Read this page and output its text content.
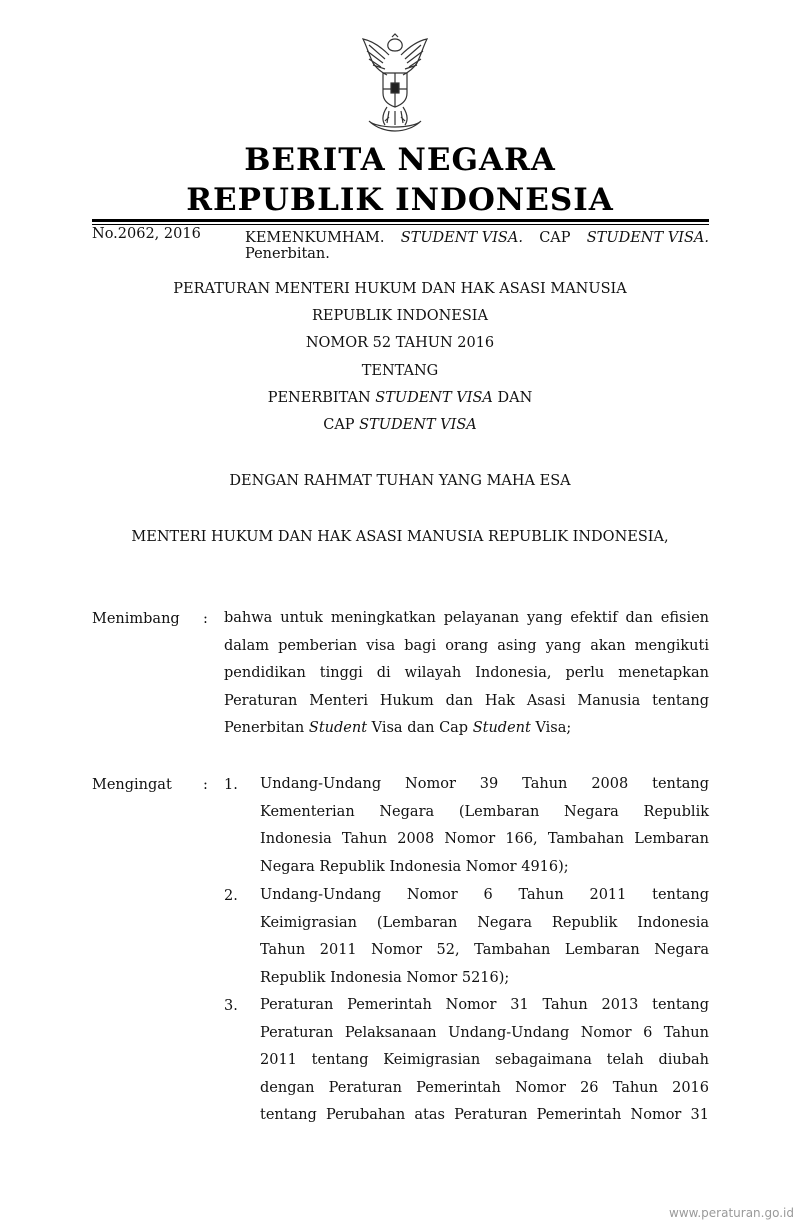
BERITA NEGARA
REPUBLIK INDONESIA
No.2062, 2016	KEMENKUMHAM. STUDENT VISA. CAP STUDENT VISA.
Penerbitan.
PERATURAN MENTERI HUKUM DAN HAK ASASI MANUSIA
REPUBLIK INDONESIA
NOMOR 52 TAHUN 2016
TENTANG
PENERBITAN STUDENT VISA DAN
CAP STUDENT VISA
DENGAN RAHMAT TUHAN YANG MAHA ESA
MENTERI HUKUM DAN HAK ASASI MANUSIA REPUBLIK INDONESIA,
Menimbang : bahwa untuk meningkatkan pelayanan yang efektif dan efisien
dalam pemberian visa bagi orang asing yang akan mengikuti
pendidikan tinggi di wilayah Indonesia, perlu menetapkan
Peraturan Menteri Hukum dan Hak Asasi Manusia tentang
Penerbitan Student Visa dan Cap Student Visa;
Mengingat : 1. Undang-Undang Nomor 39 Tahun 2008 tentang
Kementerian Negara (Lembaran Negara Republik
Indonesia Tahun 2008 Nomor 166, Tambahan Lembaran
Negara Republik Indonesia Nomor 4916);
2. Undang-Undang Nomor 6 Tahun 2011 tentang
Keimigrasian (Lembaran Negara Republik Indonesia
Tahun 2011 Nomor 52, Tambahan Lembaran Negara
Republik Indonesia Nomor 5216);
3. Peraturan Pemerintah Nomor 31 Tahun 2013 tentang
Peraturan Pelaksanaan Undang-Undang Nomor 6 Tahun
2011 tentang Keimigrasian sebagaimana telah diubah
dengan Peraturan Pemerintah Nomor 26 Tahun 2016
tentang Perubahan atas Peraturan Pemerintah Nomor 31
www.peraturan.go.id
